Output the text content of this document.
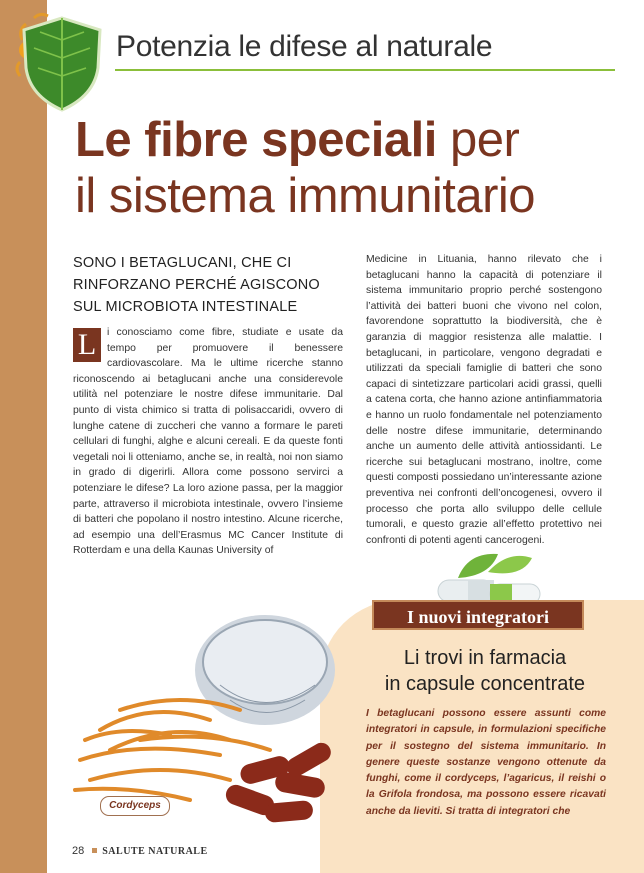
Potenzia le difese al naturale
Le fibre speciali per
il sistema immunitario
SONO I BETAGLUCANI, CHE CI RINFORZANO PERCHÉ AGISCONO SUL MICROBIOTA INTESTINALE
L	i conosciamo come fibre, studiate e usate da tempo per promuovere il benessere cardiovascolare. Ma le ultime ricerche stanno riconoscendo ai betaglucani anche una considerevole utilità nel potenziare le nostre difese immunitarie. Dal punto di vista chimico si tratta di polisaccaridi, ovvero di lunghe catene di zuccheri che vanno a formare le pareti cellulari di funghi, alghe e alcuni cereali. E da queste fonti vegetali noi li otteniamo, anche se, in realtà, noi non siamo in grado di digerirli. Allora come possono servirci a potenziare le difese? La loro azione passa, per la maggior parte, attraverso il microbiota intestinale, ovvero l’insieme di batteri che popolano il nostro intestino. Alcune ricerche, ad esempio una dell’Erasmus MC Cancer Institute di Rotterdam e una della Kaunas University of
Medicine in Lituania, hanno rilevato che i betaglucani hanno la capacità di potenziare il sistema immunitario proprio perché sostengono l’attività dei batteri buoni che vivono nel colon, favorendone soprattutto la biodiversità, che è garanzia di maggior resistenza alle malattie. I betaglucani, in particolare, vengono degradati e utilizzati da speciali famiglie di batteri che sono capaci di sintetizzare particolari acidi grassi, quelli a catena corta, che hanno azione antinfiammatoria e hanno un ruolo fondamentale nel potenziamento delle nostre difese immunitarie, determinando anche un aumento delle attività antiossidanti. Le ricerche sui betaglucani mostrano, inoltre, come questi composti possiedano un’interessante azione preventiva nei confronti dell’oncogenesi, ovvero il processo che porta allo sviluppo delle cellule tumorali, e questo grazie all’effetto protettivo nei confronti di potenti agenti cancerogeni.
I nuovi integratori
Li trovi in farmacia
in capsule concentrate
I betaglucani possono essere assunti come integratori in capsule, in formulazioni specifiche per il sostegno del sistema immunitario. In genere queste sostanze vengono ottenute da funghi, come il cordyceps, l’agaricus, il reishi o la Grifola frondosa, ma possono essere ricavati anche da lieviti. Si tratta di integratori che
Cordyceps
28 SALUTE NATURALE
